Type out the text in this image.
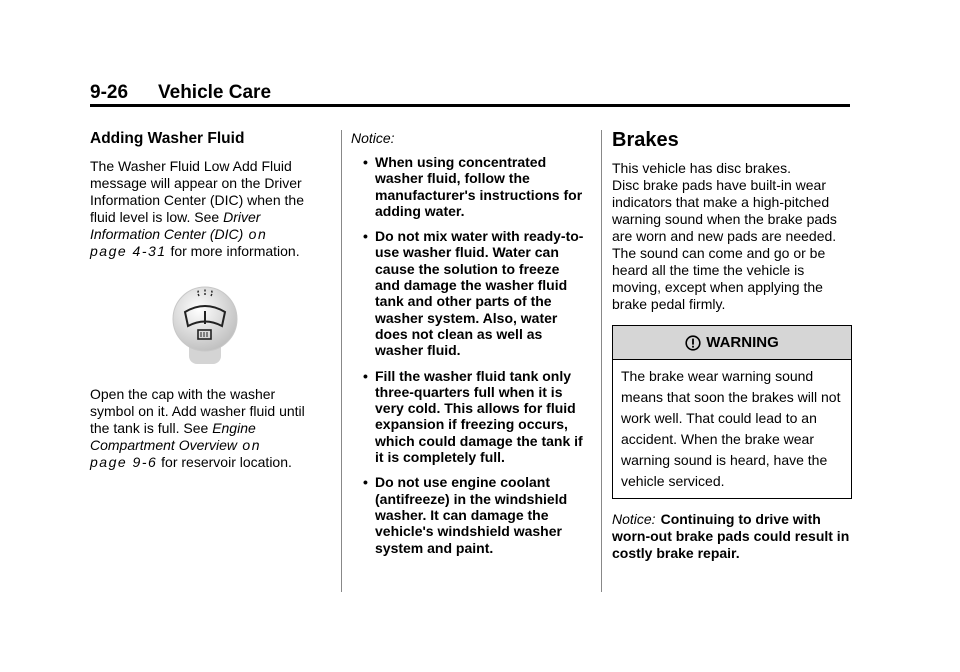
9-26 Vehicle Care
Adding Washer Fluid

The Washer Fluid Low Add Fluid message will appear on the Driver Information Center (DIC) when the fluid level is low. See Driver Information Center (DIC) on
page 4-31 for more information.

Open the cap with the washer symbol on it. Add washer fluid until the tank is full. See Engine Compartment Overview on
page 9-6 for reservoir location.

Notice:
• When using concentrated washer fluid, follow the manufacturer's instructions for adding water.
• Do not mix water with ready-to-use washer fluid. Water can cause the solution to freeze and damage the washer fluid tank and other parts of the washer system. Also, water does not clean as well as washer fluid.
• Fill the washer fluid tank only three-quarters full when it is very cold. This allows for fluid expansion if freezing occurs, which could damage the tank if it is completely full.
• Do not use engine coolant (antifreeze) in the windshield washer. It can damage the vehicle's windshield washer system and paint.
Brakes

This vehicle has disc brakes.

Disc brake pads have built-in wear indicators that make a high-pitched warning sound when the brake pads are worn and new pads are needed. The sound can come and go or be heard all the time the vehicle is moving, except when applying the brake pedal firmly.

WARNING
The brake wear warning sound means that soon the brakes will not work well. That could lead to an accident. When the brake wear warning sound is heard, have the vehicle serviced.
Notice: Continuing to drive with worn-out brake pads could result in costly brake repair.
